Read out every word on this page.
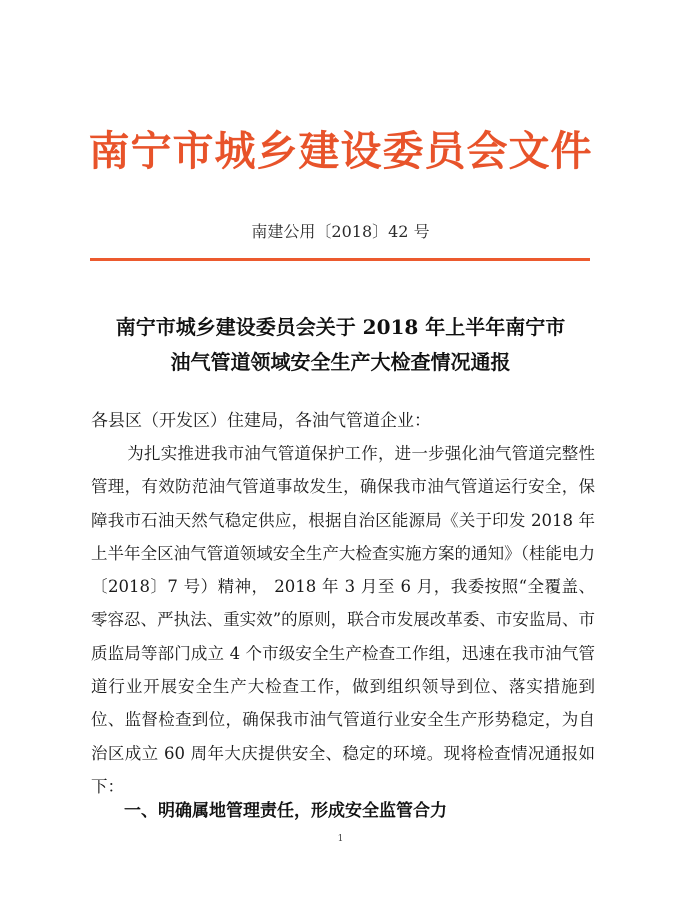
南宁市城乡建设委员会文件
南建公用〔2018〕42 号
南宁市城乡建设委员会关于 2018 年上半年南宁市
油气管道领域安全生产大检查情况通报
各县区（开发区）住建局，各油气管道企业：

为扎实推进我市油气管道保护工作，进一步强化油气管道完整性管理，有效防范油气管道事故发生，确保我市油气管道运行安全，保障我市石油天然气稳定供应，根据自治区能源局《关于印发 2018 年上半年全区油气管道领域安全生产大检查实施方案的通知》（桂能电力〔2018〕7 号）精神， 2018 年 3 月至 6 月，我委按照“全覆盖、零容忍、严执法、重实效”的原则，联合市发展改革委、市安监局、市质监局等部门成立 4 个市级安全生产检查工作组，迅速在我市油气管道行业开展安全生产大检查工作，做到组织领导到位、落实措施到位、监督检查到位，确保我市油气管道行业安全生产形势稳定，为自治区成立 60 周年大庆提供安全、稳定的环境。现将检查情况通报如下：

一、明确属地管理责任，形成安全监管合力
1
